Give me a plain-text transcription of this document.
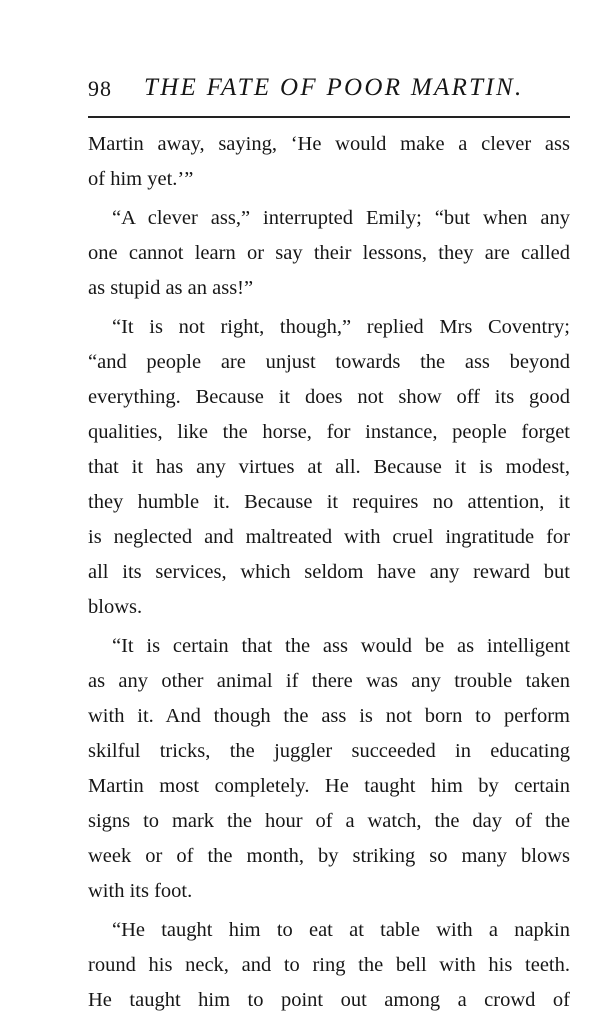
98 THE FATE OF POOR MARTIN.
Martin away, saying, ‘He would make a clever ass
of him yet.’”
“A clever ass,” interrupted Emily; “but when any
one cannot learn or say their lessons, they are called
as stupid as an ass!”
“It is not right, though,” replied Mrs Coventry;
“and people are unjust towards the ass beyond
everything. Because it does not show off its good
qualities, like the horse, for instance, people forget
that it has any virtues at all. Because it is modest,
they humble it. Because it requires no attention, it
is neglected and maltreated with cruel ingratitude for
all its services, which seldom have any reward but
blows.
“It is certain that the ass would be as intelligent
as any other animal if there was any trouble taken
with it. And though the ass is not born to perform
skilful tricks, the juggler succeeded in educating
Martin most completely. He taught him by certain
signs to mark the hour of a watch, the day of the
week or of the month, by striking so many blows
with its foot.
“He taught him to eat at table with a napkin
round his neck, and to ring the bell with his teeth.
He taught him to point out among a crowd of
